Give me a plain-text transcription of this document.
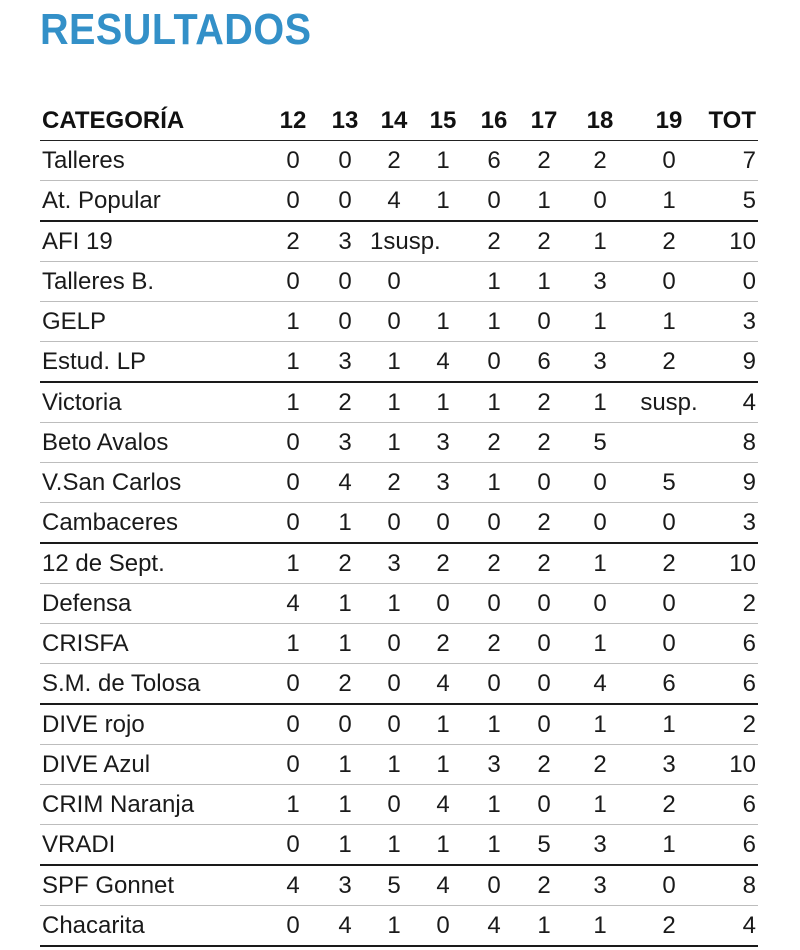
RESULTADOS
CATEGORÍA	12	13	14	15	16	17	18	19	TOT
Talleres	0	0	2	1	6	2	2	0	7
At. Popular	0	0	4	1	0	1	0	1	5
AFI 19	2	3	1susp.		2	2	1	2	10
Talleres B.	0	0	0		1	1	3	0	0
GELP	1	0	0	1	1	0	1	1	3
Estud. LP	1	3	1	4	0	6	3	2	9
Victoria	1	2	1	1	1	2	1	susp.	4
Beto Avalos	0	3	1	3	2	2	5		8
V.San Carlos	0	4	2	3	1	0	0	5	9
Cambaceres	0	1	0	0	0	2	0	0	3
12 de Sept.	1	2	3	2	2	2	1	2	10
Defensa	4	1	1	0	0	0	0	0	2
CRISFA	1	1	0	2	2	0	1	0	6
S.M. de Tolosa	0	2	0	4	0	0	4	6	6
DIVE rojo	0	0	0	1	1	0	1	1	2
DIVE Azul	0	1	1	1	3	2	2	3	10
CRIM Naranja	1	1	0	4	1	0	1	2	6
VRADI	0	1	1	1	1	5	3	1	6
SPF Gonnet	4	3	5	4	0	2	3	0	8
Chacarita	0	4	1	0	4	1	1	2	4
